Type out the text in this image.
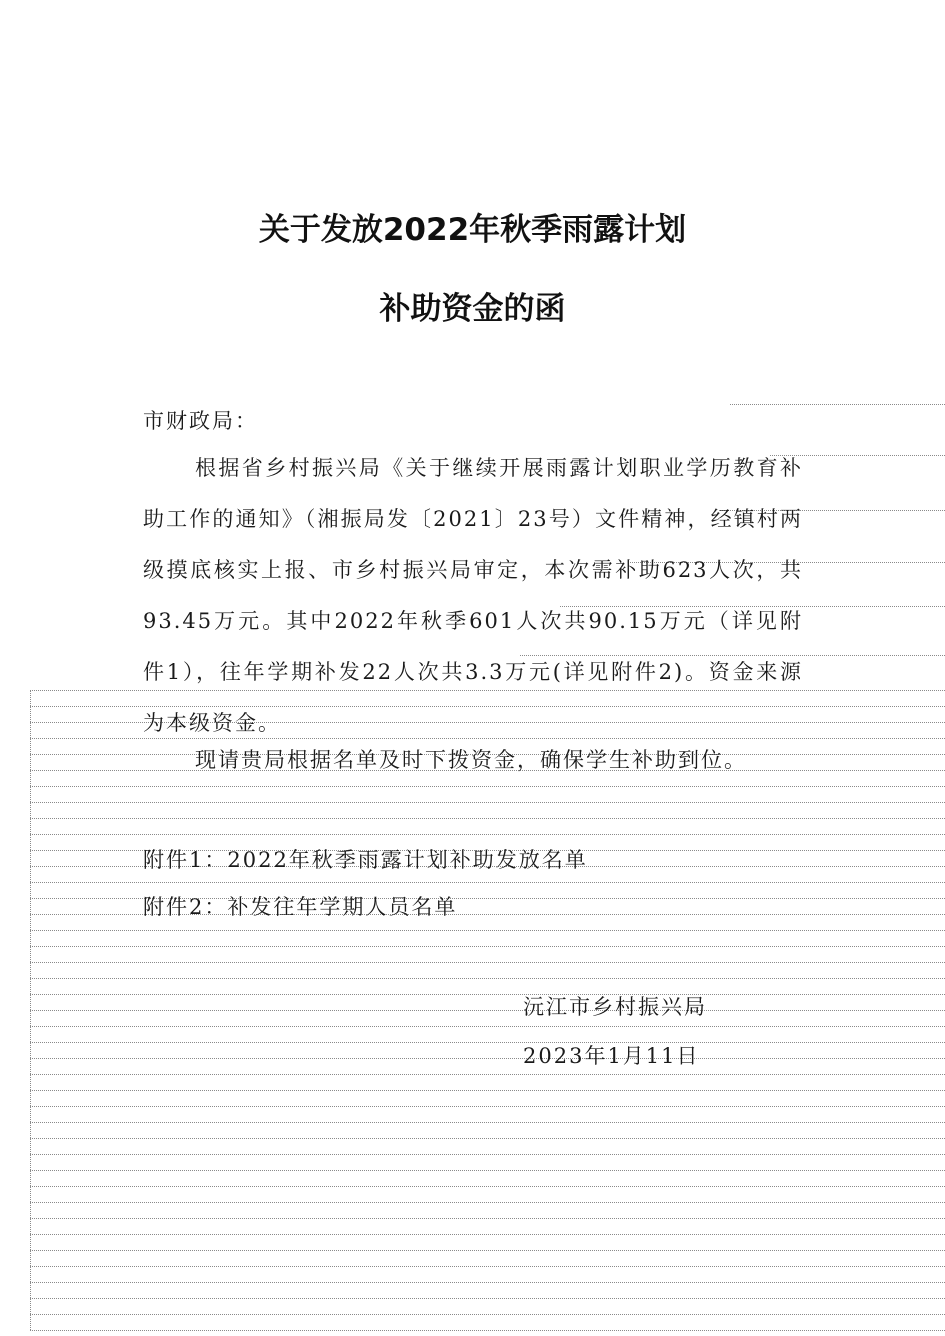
关于发放2022年秋季雨露计划
补助资金的函
市财政局：
根据省乡村振兴局《关于继续开展雨露计划职业学历教育补助工作的通知》（湘振局发〔2021〕23号）文件精神，经镇村两级摸底核实上报、市乡村振兴局审定，本次需补助623人次，共93.45万元。其中2022年秋季601人次共90.15万元（详见附件1），往年学期补发22人次共3.3万元(详见附件2)。资金来源为本级资金。
现请贵局根据名单及时下拨资金，确保学生补助到位。
附件1：2022年秋季雨露计划补助发放名单
附件2：补发往年学期人员名单
沅江市乡村振兴局
2023年1月11日
